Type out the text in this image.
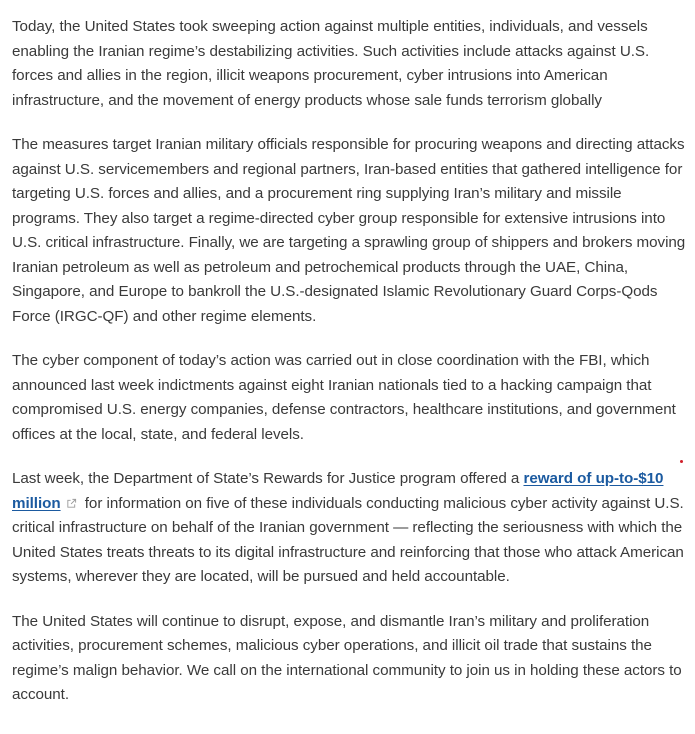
Today, the United States took sweeping action against multiple entities, individuals, and vessels enabling the Iranian regime’s destabilizing activities. Such activities include attacks against U.S. forces and allies in the region, illicit weapons procurement, cyber intrusions into American infrastructure, and the movement of energy products whose sale funds terrorism globally

The measures target Iranian military officials responsible for procuring weapons and directing attacks against U.S. servicemembers and regional partners, Iran-based entities that gathered intelligence for targeting U.S. forces and allies, and a procurement ring supplying Iran’s military and missile programs. They also target a regime-directed cyber group responsible for extensive intrusions into U.S. critical infrastructure. Finally, we are targeting a sprawling group of shippers and brokers moving Iranian petroleum as well as petroleum and petrochemical products through the UAE, China, Singapore, and Europe to bankroll the U.S.-designated Islamic Revolutionary Guard Corps-Qods Force (IRGC-QF) and other regime elements.

The cyber component of today’s action was carried out in close coordination with the FBI, which announced last week indictments against eight Iranian nationals tied to a hacking campaign that compromised U.S. energy companies, defense contractors, healthcare institutions, and government offices at the local, state, and federal levels.

Last week, the Department of State’s Rewards for Justice program offered a reward of up-to-$10 million for information on five of these individuals conducting malicious cyber activity against U.S. critical infrastructure on behalf of the Iranian government — reflecting the seriousness with which the United States treats threats to its digital infrastructure and reinforcing that those who attack American systems, wherever they are located, will be pursued and held accountable.

The United States will continue to disrupt, expose, and dismantle Iran’s military and proliferation activities, procurement schemes, malicious cyber operations, and illicit oil trade that sustains the regime’s malign behavior. We call on the international community to join us in holding these actors to account.
